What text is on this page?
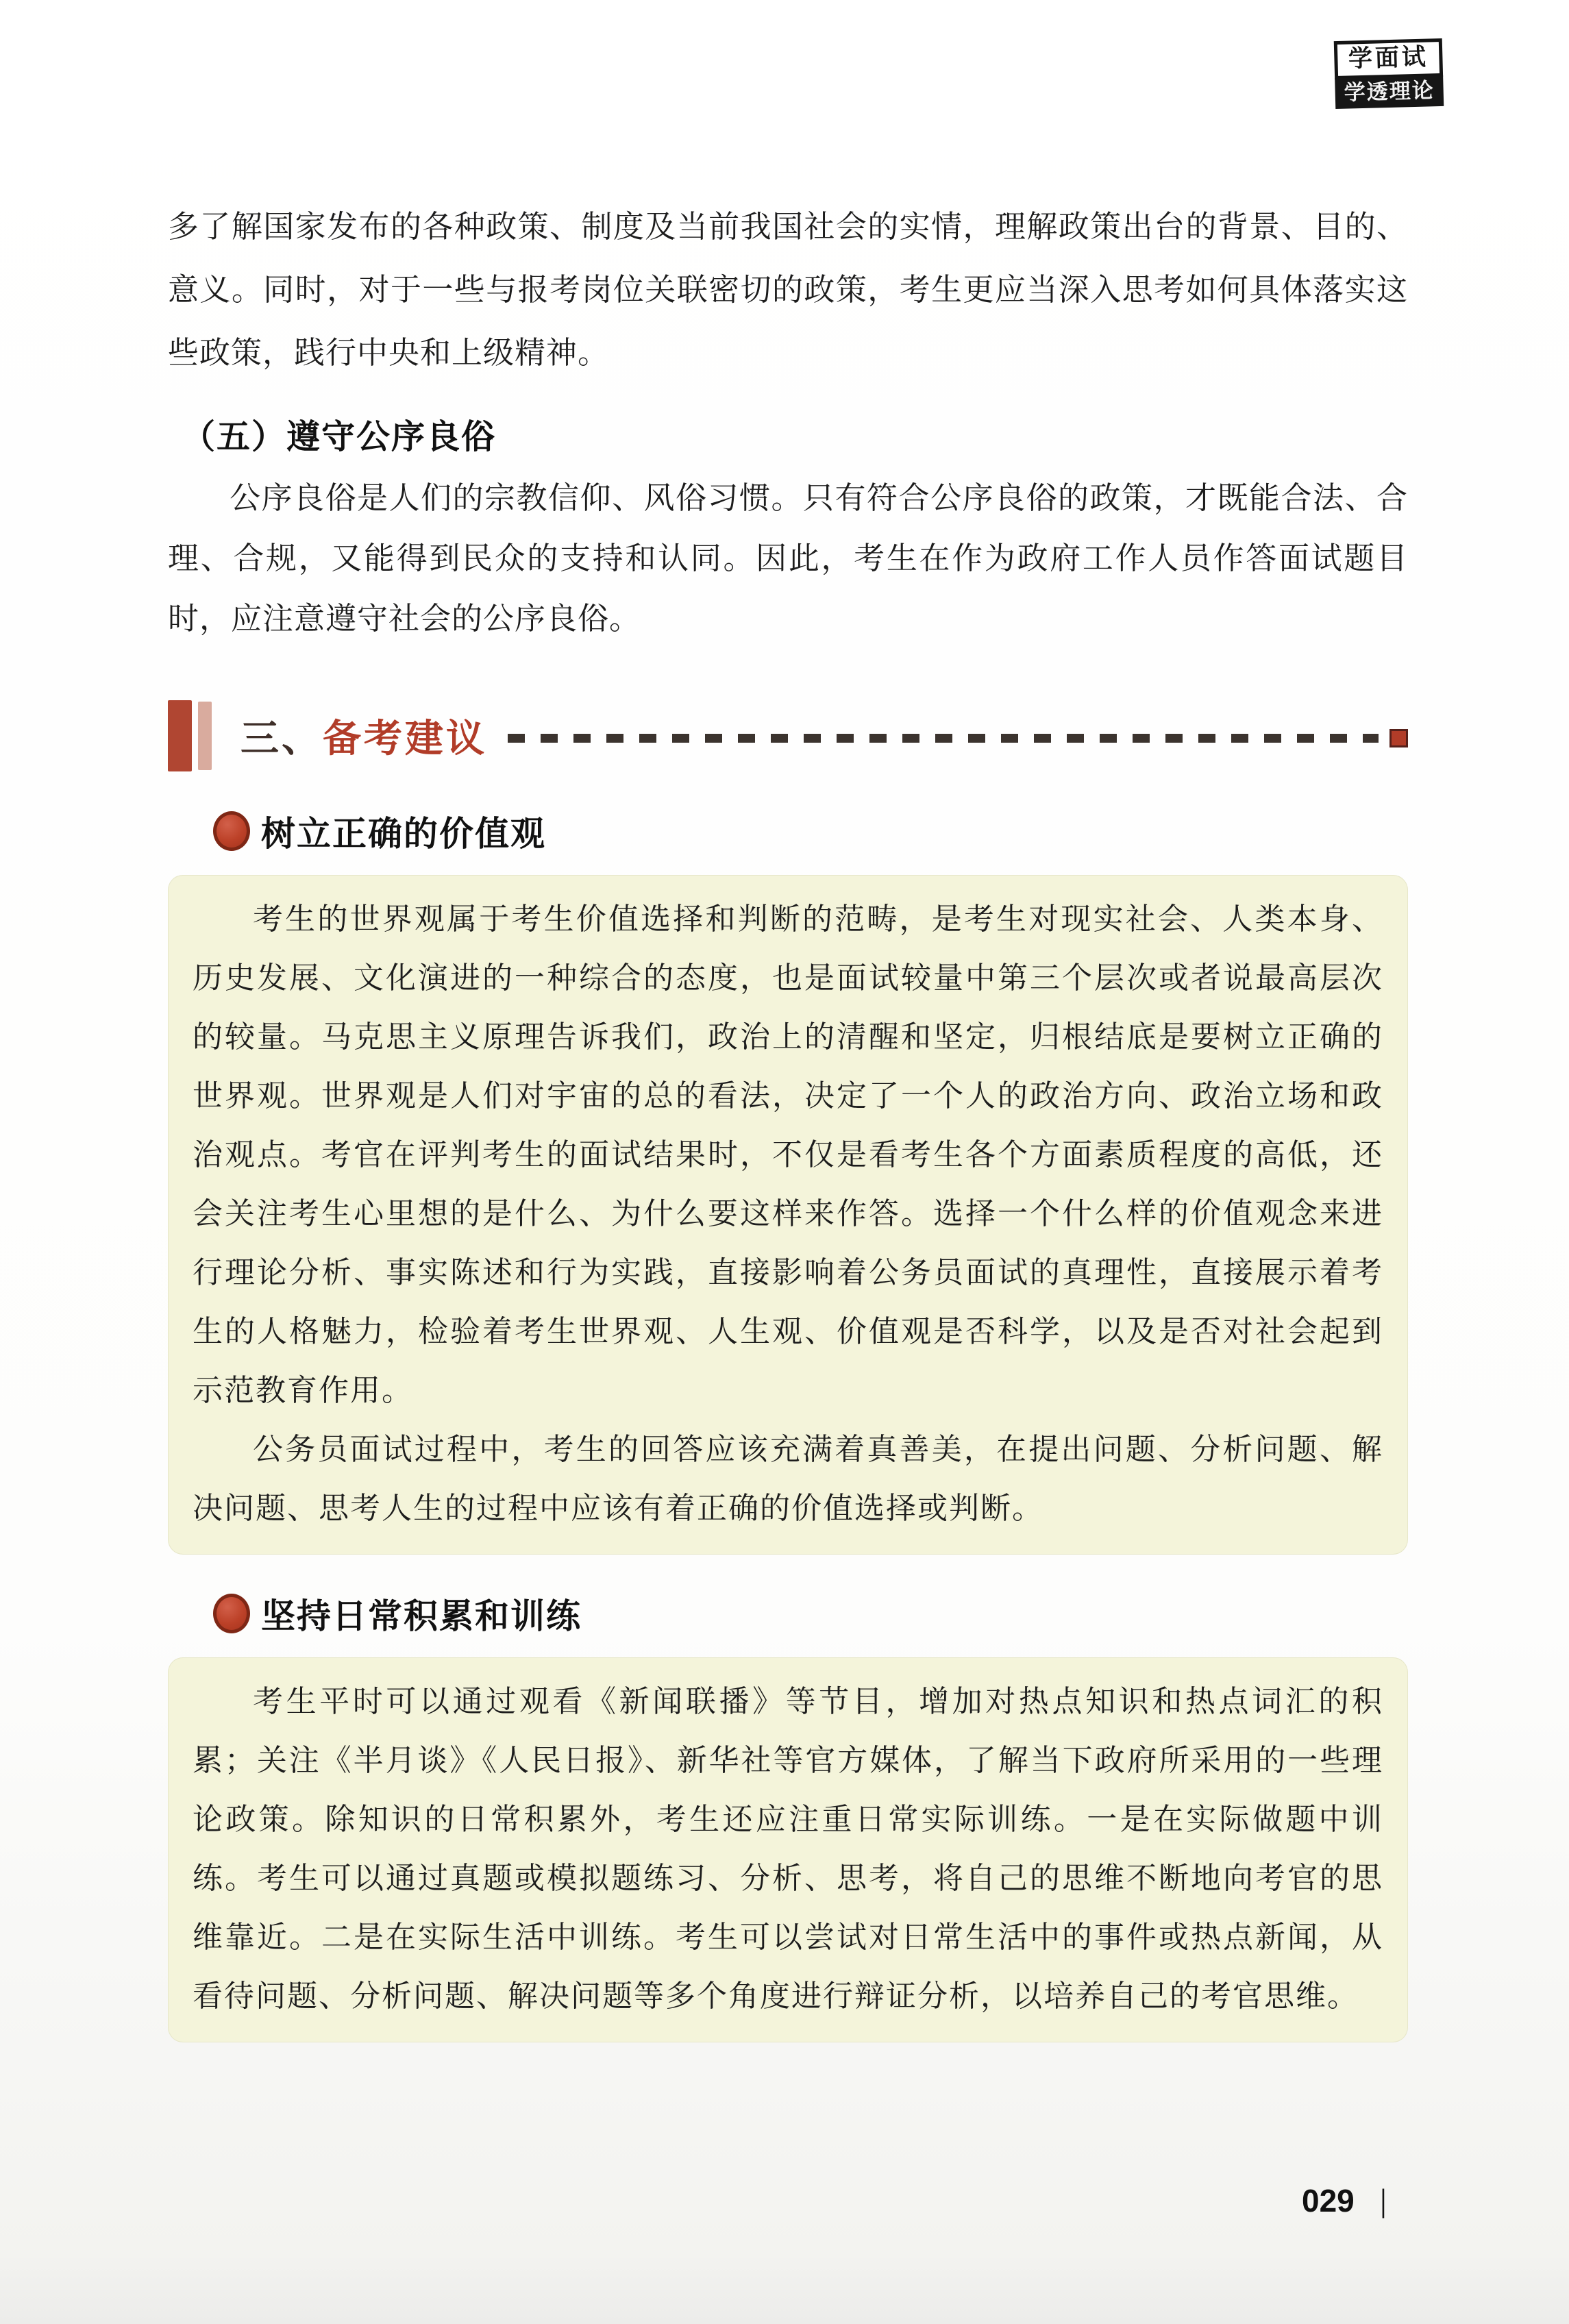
学面试
学透理论

多了解国家发布的各种政策、制度及当前我国社会的实情，理解政策出台的背景、目的、意义。同时，对于一些与报考岗位关联密切的政策，考生更应当深入思考如何具体落实这些政策，践行中央和上级精神。

（五）遵守公序良俗

公序良俗是人们的宗教信仰、风俗习惯。只有符合公序良俗的政策，才既能合法、合理、合规，又能得到民众的支持和认同。因此，考生在作为政府工作人员作答面试题目时，应注意遵守社会的公序良俗。

三、备考建议
树立正确的价值观

考生的世界观属于考生价值选择和判断的范畴，是考生对现实社会、人类本身、历史发展、文化演进的一种综合的态度，也是面试较量中第三个层次或者说最高层次的较量。马克思主义原理告诉我们，政治上的清醒和坚定，归根结底是要树立正确的世界观。世界观是人们对宇宙的总的看法，决定了一个人的政治方向、政治立场和政治观点。考官在评判考生的面试结果时，不仅是看考生各个方面素质程度的高低，还会关注考生心里想的是什么、为什么要这样来作答。选择一个什么样的价值观念来进行理论分析、事实陈述和行为实践，直接影响着公务员面试的真理性，直接展示着考生的人格魅力，检验着考生世界观、人生观、价值观是否科学，以及是否对社会起到示范教育作用。

公务员面试过程中，考生的回答应该充满着真善美，在提出问题、分析问题、解决问题、思考人生的过程中应该有着正确的价值选择或判断。

坚持日常积累和训练

考生平时可以通过观看《新闻联播》等节目，增加对热点知识和热点词汇的积累；关注《半月谈》《人民日报》、新华社等官方媒体，了解当下政府所采用的一些理论政策。除知识的日常积累外，考生还应注重日常实际训练。一是在实际做题中训练。考生可以通过真题或模拟题练习、分析、思考，将自己的思维不断地向考官的思维靠近。二是在实际生活中训练。考生可以尝试对日常生活中的事件或热点新闻，从看待问题、分析问题、解决问题等多个角度进行辩证分析，以培养自己的考官思维。

029 |
